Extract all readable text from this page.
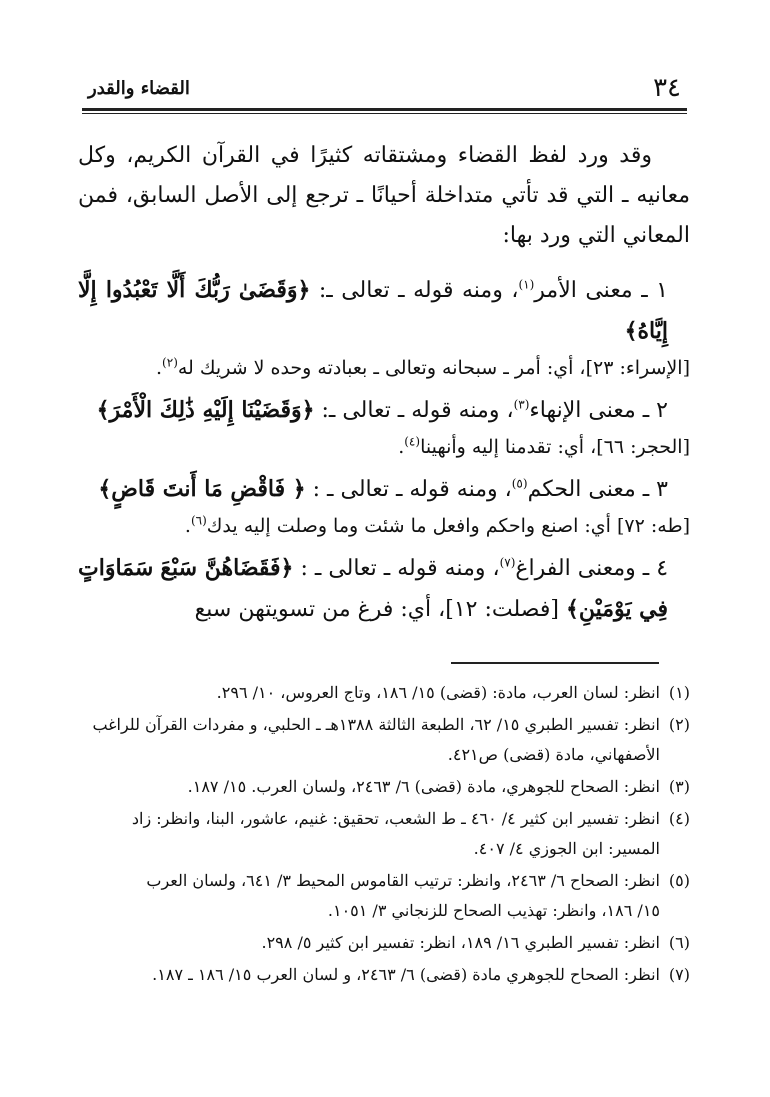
٣٤
القضاء والقدر

وقد ورد لفظ القضاء ومشتقاته كثيرًا في القرآن الكريم، وكل معانيه ـ التي قد تأتي متداخلة أحيانًا ـ ترجع إلى الأصل السابق، فمن المعاني التي ورد بها:

١ ـ معنى الأمر$^{(١)}$، ومنه قوله ـ تعالى ـ: ﴿وَقَضَىٰ رَبُّكَ أَلَّا تَعْبُدُوا إِلَّا إِيَّاهُ﴾
[الإسراء: ٢٣]، أي: أمر ـ سبحانه وتعالى ـ بعبادته وحده لا شريك له$^{(٢)}$.
٢ ـ معنى الإنهاء$^{(٣)}$، ومنه قوله ـ تعالى ـ: ﴿وَقَضَيْنَا إِلَيْهِ ذَٰلِكَ الْأَمْرَ﴾
[الحجر: ٦٦]، أي: تقدمنا إليه وأنهينا$^{(٤)}$.
٣ ـ معنى الحكم$^{(٥)}$، ومنه قوله ـ تعالى ـ : ﴿ فَاقْضِ مَا أَنتَ قَاضٍ﴾
[طه: ٧٢] أي: اصنع واحكم وافعل ما شئت وما وصلت إليه يدك$^{(٦)}$.
٤ ـ ومعنى الفراغ$^{(٧)}$، ومنه قوله ـ تعالى ـ : ﴿فَقَضَاهُنَّ سَبْعَ سَمَاوَاتٍ فِي يَوْمَيْنِ﴾ [فصلت: ١٢]، أي: فرغ من تسويتهن سبع
(١)انظر: لسان العرب، مادة: (قضى) ١٥/ ١٨٦، وتاج العروس، ١٠/ ٢٩٦.
(٢)انظر: تفسير الطبري ١٥/ ٦٢، الطبعة الثالثة ١٣٨٨هـ ـ الحلبي، و مفردات القرآن للراغب
الأصفهاني، مادة (قضى) ص٤٢١.
(٣)انظر: الصحاح للجوهري، مادة (قضى) ٦/ ٢٤٦٣، ولسان العرب. ١٥/ ١٨٧.
(٤)انظر: تفسير ابن كثير ٤/ ٤٦٠ ـ ط الشعب، تحقيق: غنيم، عاشور، البنا، وانظر: زاد
المسير: ابن الجوزي ٤/ ٤٠٧.
(٥)انظر: الصحاح ٦/ ٢٤٦٣، وانظر: ترتيب القاموس المحيط ٣/ ٦٤١، ولسان العرب
١٥/ ١٨٦، وانظر: تهذيب الصحاح للزنجاني ٣/ ١٠٥١.
(٦)انظر: تفسير الطبري ١٦/ ١٨٩، انظر: تفسير ابن كثير ٥/ ٢٩٨.
(٧)انظر: الصحاح للجوهري مادة (قضى) ٦/ ٢٤٦٣، و لسان العرب ١٥/ ١٨٦ ـ ١٨٧.
